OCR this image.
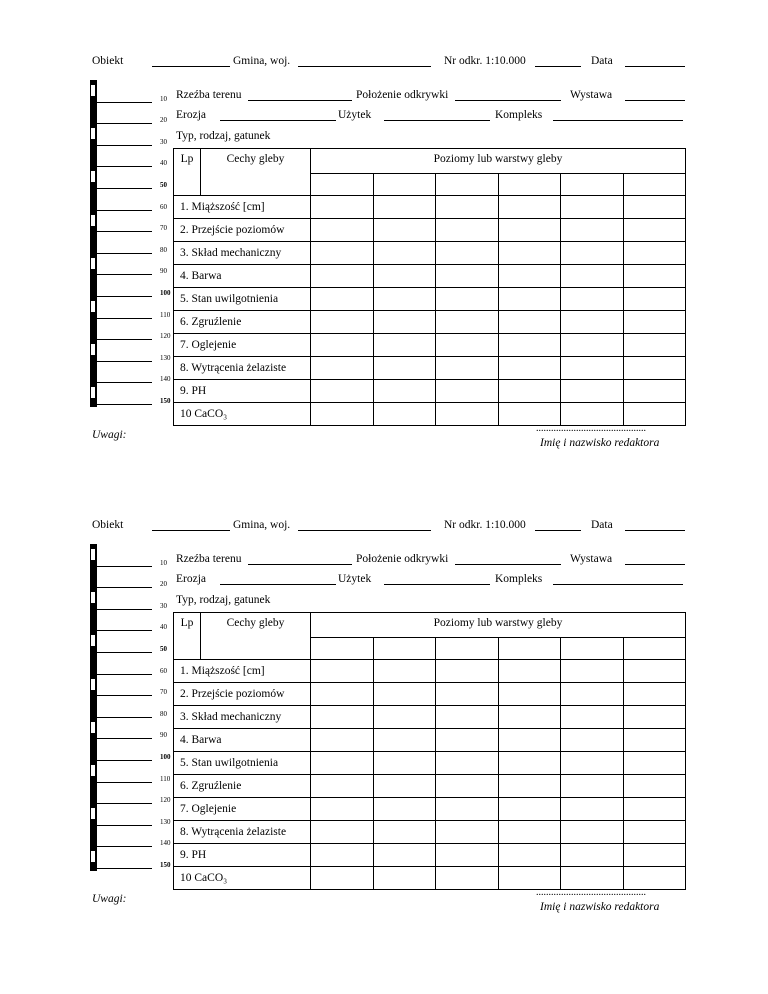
Obiekt	Gmina, woj.	Nr odkr. 1:10.000	Data
Rzeźba terenu	Położenie odkrywki	Wystawa
Erozja	Użytek	Kompleks
Typ, rodzaj, gatunek
10
20
30
40
50
60
70
80
90
100
110
120
130
140
150
Lp	Cechy gleby	Poziomy lub warstwy gleby					

1. Miąższość [cm]							
2. Przejście poziomów							
3. Skład mechaniczny							
4. Barwa							
5. Stan uwilgotnienia							
6. Zgruźlenie							
7. Oglejenie							
8. Wytrącenia żelaziste							
9. PH							
10 CaCO₃							
Uwagi:
............................................
Imię i nazwisko redaktora
Obiekt	Gmina, woj.	Nr odkr. 1:10.000	Data
Rzeźba terenu	Położenie odkrywki	Wystawa
Erozja	Użytek	Kompleks
Typ, rodzaj, gatunek
10
20
30
40
50
60
70
80
90
100
110
120
130
140
150
Lp	Cechy gleby	Poziomy lub warstwy gleby					

1. Miąższość [cm]							
2. Przejście poziomów							
3. Skład mechaniczny							
4. Barwa							
5. Stan uwilgotnienia							
6. Zgruźlenie							
7. Oglejenie							
8. Wytrącenia żelaziste							
9. PH							
10 CaCO₃							
Uwagi:
............................................
Imię i nazwisko redaktora
